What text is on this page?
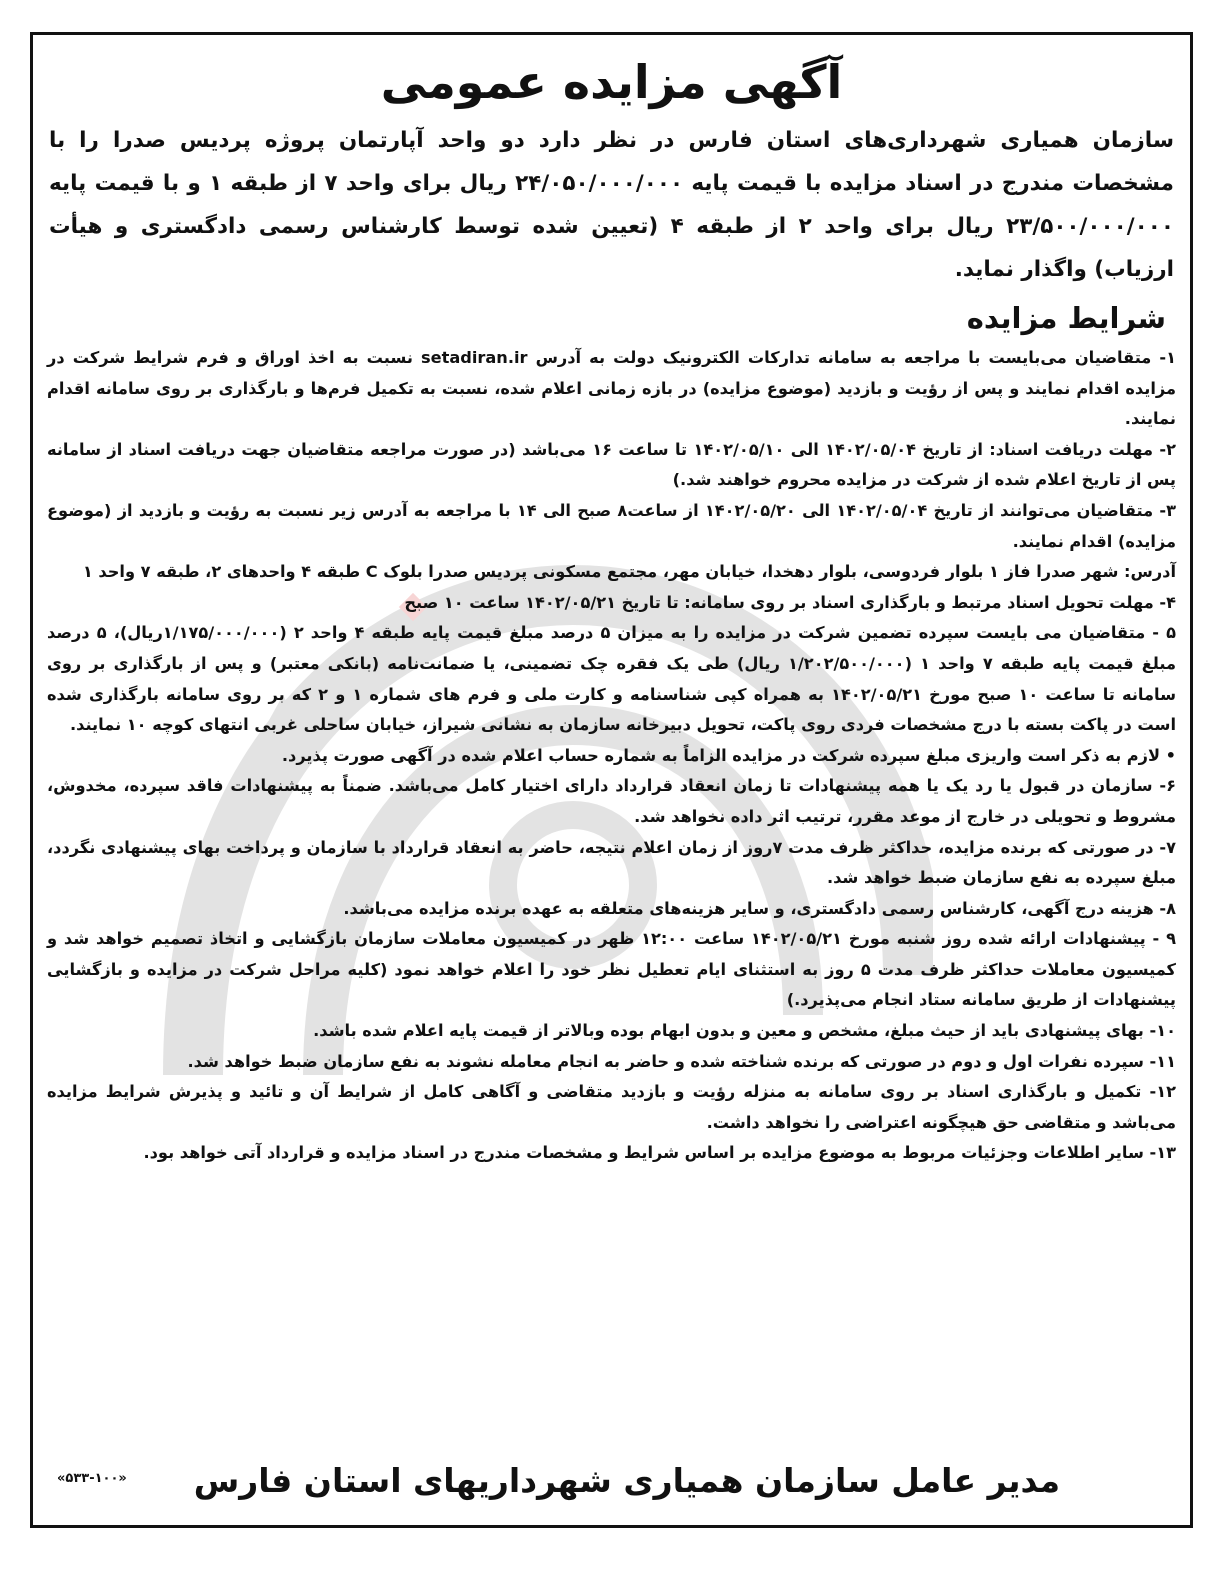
آگهی مزایده عمومی
سازمان همیاری شهرداری‌های استان فارس در نظر دارد دو واحد آپارتمان پروژه پردیس صدرا را با مشخصات مندرج در اسناد مزایده با قیمت پایه ۲۴/۰۵۰/۰۰۰/۰۰۰ ریال برای واحد ۷ از طبقه ۱ و با قیمت پایه ۲۳/۵۰۰/۰۰۰/۰۰۰ ریال برای واحد ۲ از طبقه ۴ (تعیین شده توسط کارشناس رسمی دادگستری و هیأت ارزیاب) واگذار نماید.
شرایط مزایده

۱- متقاضیان می‌بایست با مراجعه به سامانه تدارکات الکترونیک دولت به آدرس setadiran.ir نسبت به اخذ اوراق و فرم شرایط شرکت در مزایده اقدام نمایند و پس از رؤیت و بازدید (موضوع مزایده) در بازه زمانی اعلام شده، نسبت به تکمیل فرم‌ها و بارگذاری بر روی سامانه اقدام نمایند.

۲- مهلت دریافت اسناد: از تاریخ ۱۴۰۲/۰۵/۰۴ الی ۱۴۰۲/۰۵/۱۰ تا ساعت ۱۶ می‌باشد (در صورت مراجعه متقاضیان جهت دریافت اسناد از سامانه پس از تاریخ اعلام شده از شرکت در مزایده محروم خواهند شد.)

۳- متقاضیان می‌توانند از تاریخ ۱۴۰۲/۰۵/۰۴ الی ۱۴۰۲/۰۵/۲۰ از ساعت۸ صبح الی ۱۴ با مراجعه به آدرس زیر نسبت به رؤیت و بازدید از (موضوع مزایده) اقدام نمایند.

آدرس: شهر صدرا فاز ۱ بلوار فردوسی، بلوار دهخدا، خیابان مهر، مجتمع مسکونی پردیس صدرا بلوک C طبقه ۴ واحدهای ۲، طبقه ۷ واحد ۱

۴- مهلت تحویل اسناد مرتبط و بارگذاری اسناد بر روی سامانه: تا تاریخ ۱۴۰۲/۰۵/۲۱ ساعت ۱۰ صبح

۵ - متقاضیان می بایست سپرده تضمین شرکت در مزایده را به میزان ۵ درصد مبلغ قیمت پایه طبقه ۴ واحد ۲ (۱/۱۷۵/۰۰۰/۰۰۰ریال)، ۵ درصد مبلغ قیمت پایه طبقه ۷ واحد ۱ (۱/۲۰۲/۵۰۰/۰۰۰ ریال) طی یک فقره چک تضمینی، یا ضمانت‌نامه (بانکی معتبر) و پس از بارگذاری بر روی سامانه تا ساعت ۱۰ صبح مورخ ۱۴۰۲/۰۵/۲۱ به همراه کپی شناسنامه و کارت ملی و فرم های شماره ۱ و ۲ که بر روی سامانه بارگذاری شده است در پاکت بسته با درج مشخصات فردی روی پاکت، تحویل دبیرخانه سازمان به نشانی شیراز، خیابان ساحلی غربی انتهای کوچه ۱۰ نمایند.

• لازم به ذکر است واریزی مبلغ سپرده شرکت در مزایده الزاماً به شماره حساب اعلام شده در آگهی صورت پذیرد.

۶- سازمان در قبول یا رد یک یا همه پیشنهادات تا زمان انعقاد قرارداد دارای اختیار کامل می‌باشد. ضمناً به پیشنهادات فاقد سپرده، مخدوش، مشروط و تحویلی در خارج از موعد مقرر، ترتیب اثر داده نخواهد شد.

۷- در صورتی که برنده مزایده، حداکثر ظرف مدت ۷روز از زمان اعلام نتیجه، حاضر به انعقاد قرارداد با سازمان و پرداخت بهای پیشنهادی نگردد، مبلغ سپرده به نفع سازمان ضبط خواهد شد.

۸- هزینه درج آگهی، کارشناس رسمی دادگستری، و سایر هزینه‌های متعلقه به عهده برنده مزایده می‌باشد.

۹ - پیشنهادات ارائه شده روز شنبه مورخ ۱۴۰۲/۰۵/۲۱ ساعت ۱۲:۰۰ ظهر در کمیسیون معاملات سازمان بازگشایی و اتخاذ تصمیم خواهد شد و کمیسیون معاملات حداکثر ظرف مدت ۵ روز به استثنای ایام تعطیل نظر خود را اعلام خواهد نمود (کلیه مراحل شرکت در مزایده و بازگشایی پیشنهادات از طریق سامانه ستاد انجام می‌پذیرد.)

۱۰- بهای پیشنهادی باید از حیث مبلغ، مشخص و معین و بدون ابهام بوده وبالاتر از قیمت پایه اعلام شده باشد.

۱۱- سپرده نفرات اول و دوم در صورتی که برنده شناخته شده و حاضر به انجام معامله نشوند به نفع سازمان ضبط خواهد شد.

۱۲- تکمیل و بارگذاری اسناد بر روی سامانه به منزله رؤیت و بازدید متقاضی و آگاهی کامل از شرایط آن و تائید و پذیرش شرایط مزایده می‌باشد و متقاضی حق هیچگونه اعتراضی را نخواهد داشت.

۱۳- سایر اطلاعات وجزئیات مربوط به موضوع مزایده بر اساس شرایط و مشخصات مندرج در اسناد مزایده و قرارداد آتی خواهد بود.

مدیر عامل سازمان همیاری شهرداریهای استان فارس
«۵۳۳-۱۰۰»
